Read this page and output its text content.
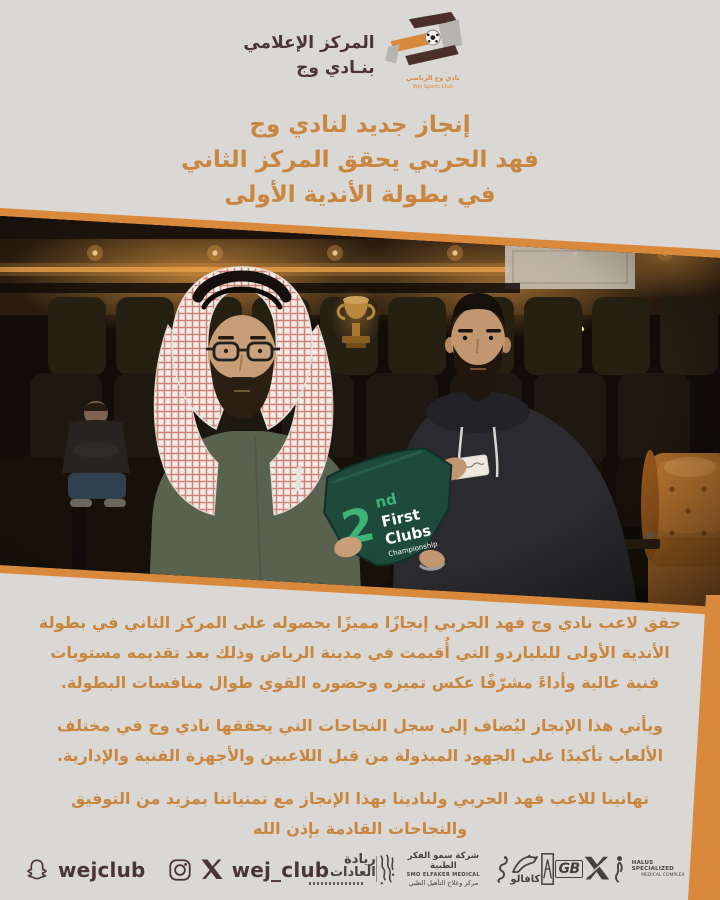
المركز الإعلامي
بنـادي وج	نادي وج الرياضي
Wej Sports Club
إنجاز جديد لنادي وج
فهد الحربي يحقق المركز الثاني
في بطولة الأندية الأولى

حقق لاعب نادي وج فهد الحربي إنجازًا مميزًا بحصوله على المركز الثاني في بطولة الأندية الأولى للبلياردو التي أُقيمت في مدينة الرياض وذلك بعد تقديمه مستويات فنية عالية وأداءً مشرّفًا عكس تميزه وحضوره القوي طوال منافسات البطولة.

ويأتي هذا الإنجاز ليُضاف إلى سجل النجاحات التي يحققها نادي وج في مختلف الألعاب تأكيدًا على الجهود المبذولة من قبل اللاعبين والأجهزة الفنية والإدارية.

تهانينا للاعب فهد الحربي ولنادينا بهذا الإنجاز مع تمنياتنا بمزيد من التوفيق والنجاحات القادمة بإذن الله

wejclub	wej_club	ريادة العادات
شركة سمو الفكر الطبية
SMO ELFAKER MEDICAL
مركز وعلاج التأهيل الطبي	كافالو
GB	HALUS SPECIALIZED
MEDICAL COMPLEX
